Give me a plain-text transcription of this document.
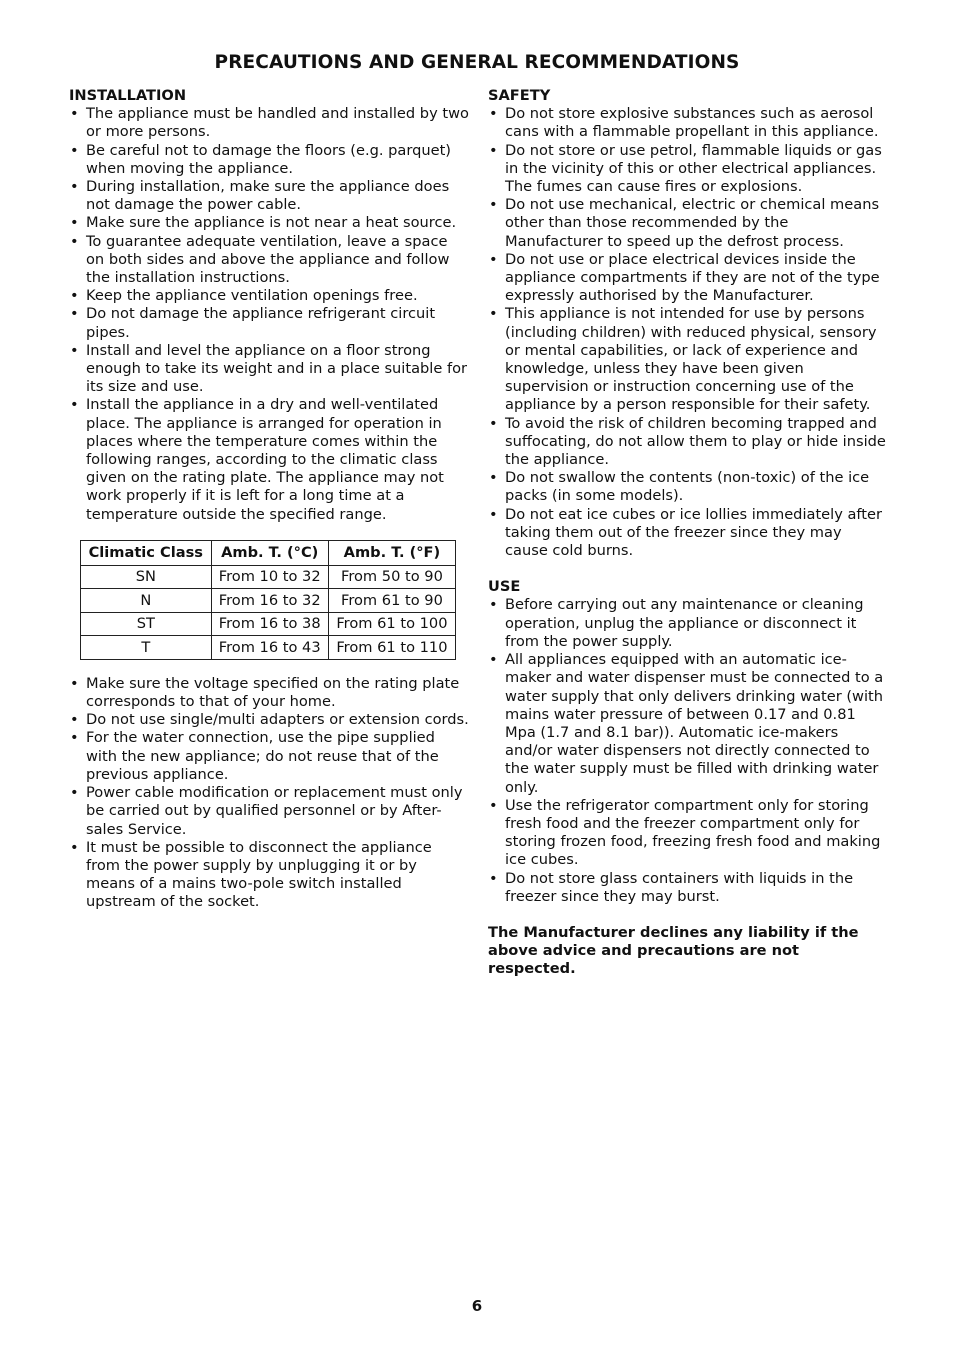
PRECAUTIONS AND GENERAL RECOMMENDATIONS
INSTALLATION
• The appliance must be handled and installed by two or more persons.
• Be careful not to damage the floors (e.g. parquet) when moving the appliance.
• During installation, make sure the appliance does not damage the power cable.
• Make sure the appliance is not near a heat source.
• To guarantee adequate ventilation, leave a space on both sides and above the appliance and follow the installation instructions.
• Keep the appliance ventilation openings free.
• Do not damage the appliance refrigerant circuit pipes.
• Install and level the appliance on a floor strong enough to take its weight and in a place suitable for its size and use.
• Install the appliance in a dry and well-ventilated place. The appliance is arranged for operation in places where the temperature comes within the following ranges, according to the climatic class given on the rating plate. The appliance may not work properly if it is left for a long time at a temperature outside the specified range.
Climatic Class	Amb. T. (°C)	Amb. T. (°F)
SN	From 10 to 32	From 50 to 90
N	From 16 to 32	From 61 to 90
ST	From 16 to 38	From 61 to 100
T	From 16 to 43	From 61 to 110
• Make sure the voltage specified on the rating plate corresponds to that of your home.
• Do not use single/multi adapters or extension cords.
• For the water connection, use the pipe supplied with the new appliance; do not reuse that of the previous appliance.
• Power cable modification or replacement must only be carried out by qualified personnel or by After-sales Service.
• It must be possible to disconnect the appliance from the power supply by unplugging it or by means of a mains two-pole switch installed upstream of the socket.
SAFETY
• Do not store explosive substances such as aerosol cans with a flammable propellant in this appliance.
• Do not store or use petrol, flammable liquids or gas in the vicinity of this or other electrical appliances. The fumes can cause fires or explosions.
• Do not use mechanical, electric or chemical means other than those recommended by the Manufacturer to speed up the defrost process.
• Do not use or place electrical devices inside the appliance compartments if they are not of the type expressly authorised by the Manufacturer.
• This appliance is not intended for use by persons (including children) with reduced physical, sensory or mental capabilities, or lack of experience and knowledge, unless they have been given supervision or instruction concerning use of the appliance by a person responsible for their safety.
• To avoid the risk of children becoming trapped and suffocating, do not allow them to play or hide inside the appliance.
• Do not swallow the contents (non-toxic) of the ice packs (in some models).
• Do not eat ice cubes or ice lollies immediately after taking them out of the freezer since they may cause cold burns.
USE
• Before carrying out any maintenance or cleaning operation, unplug the appliance or disconnect it from the power supply.
• All appliances equipped with an automatic ice-maker and water dispenser must be connected to a water supply that only delivers drinking water (with mains water pressure of between 0.17 and 0.81 Mpa (1.7 and 8.1 bar)). Automatic ice-makers and/or water dispensers not directly connected to the water supply must be filled with drinking water only.
• Use the refrigerator compartment only for storing fresh food and the freezer compartment only for storing frozen food, freezing fresh food and making ice cubes.
• Do not store glass containers with liquids in the freezer since they may burst.

The Manufacturer declines any liability if the above advice and precautions are not respected.

6
